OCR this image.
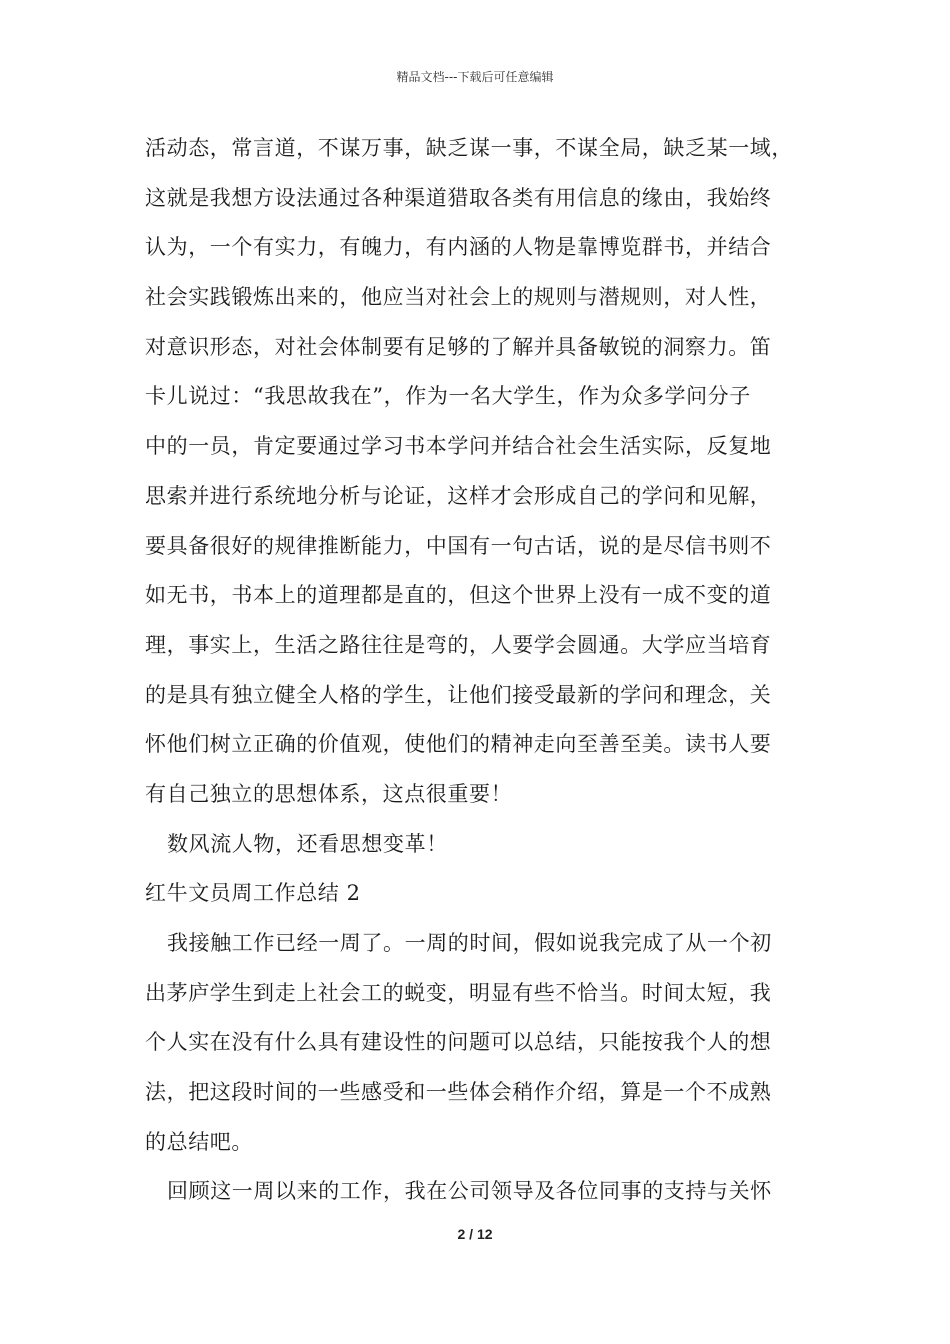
精品文档---下载后可任意编辑
活动态，常言道，不谋万事，缺乏谋一事，不谋全局，缺乏某一域，
这就是我想方设法通过各种渠道猎取各类有用信息的缘由，我始终
认为，一个有实力，有魄力，有内涵的人物是靠博览群书，并结合
社会实践锻炼出来的，他应当对社会上的规则与潜规则，对人性，
对意识形态，对社会体制要有足够的了解并具备敏锐的洞察力。笛
卡儿说过：“我思故我在”，作为一名大学生，作为众多学问分子
中的一员，肯定要通过学习书本学问并结合社会生活实际，反复地
思索并进行系统地分析与论证，这样才会形成自己的学问和见解，
要具备很好的规律推断能力，中国有一句古话，说的是尽信书则不
如无书，书本上的道理都是直的，但这个世界上没有一成不变的道
理，事实上，生活之路往往是弯的，人要学会圆通。大学应当培育
的是具有独立健全人格的学生，让他们接受最新的学问和理念，关
怀他们树立正确的价值观，使他们的精神走向至善至美。读书人要
有自己独立的思想体系，这点很重要！
数风流人物，还看思想变革！
红牛文员周工作总结 2
我接触工作已经一周了。一周的时间，假如说我完成了从一个初
出茅庐学生到走上社会工的蜕变，明显有些不恰当。时间太短，我
个人实在没有什么具有建设性的问题可以总结，只能按我个人的想
法，把这段时间的一些感受和一些体会稍作介绍，算是一个不成熟
的总结吧。
回顾这一周以来的工作，我在公司领导及各位同事的支持与关怀
2 / 12
